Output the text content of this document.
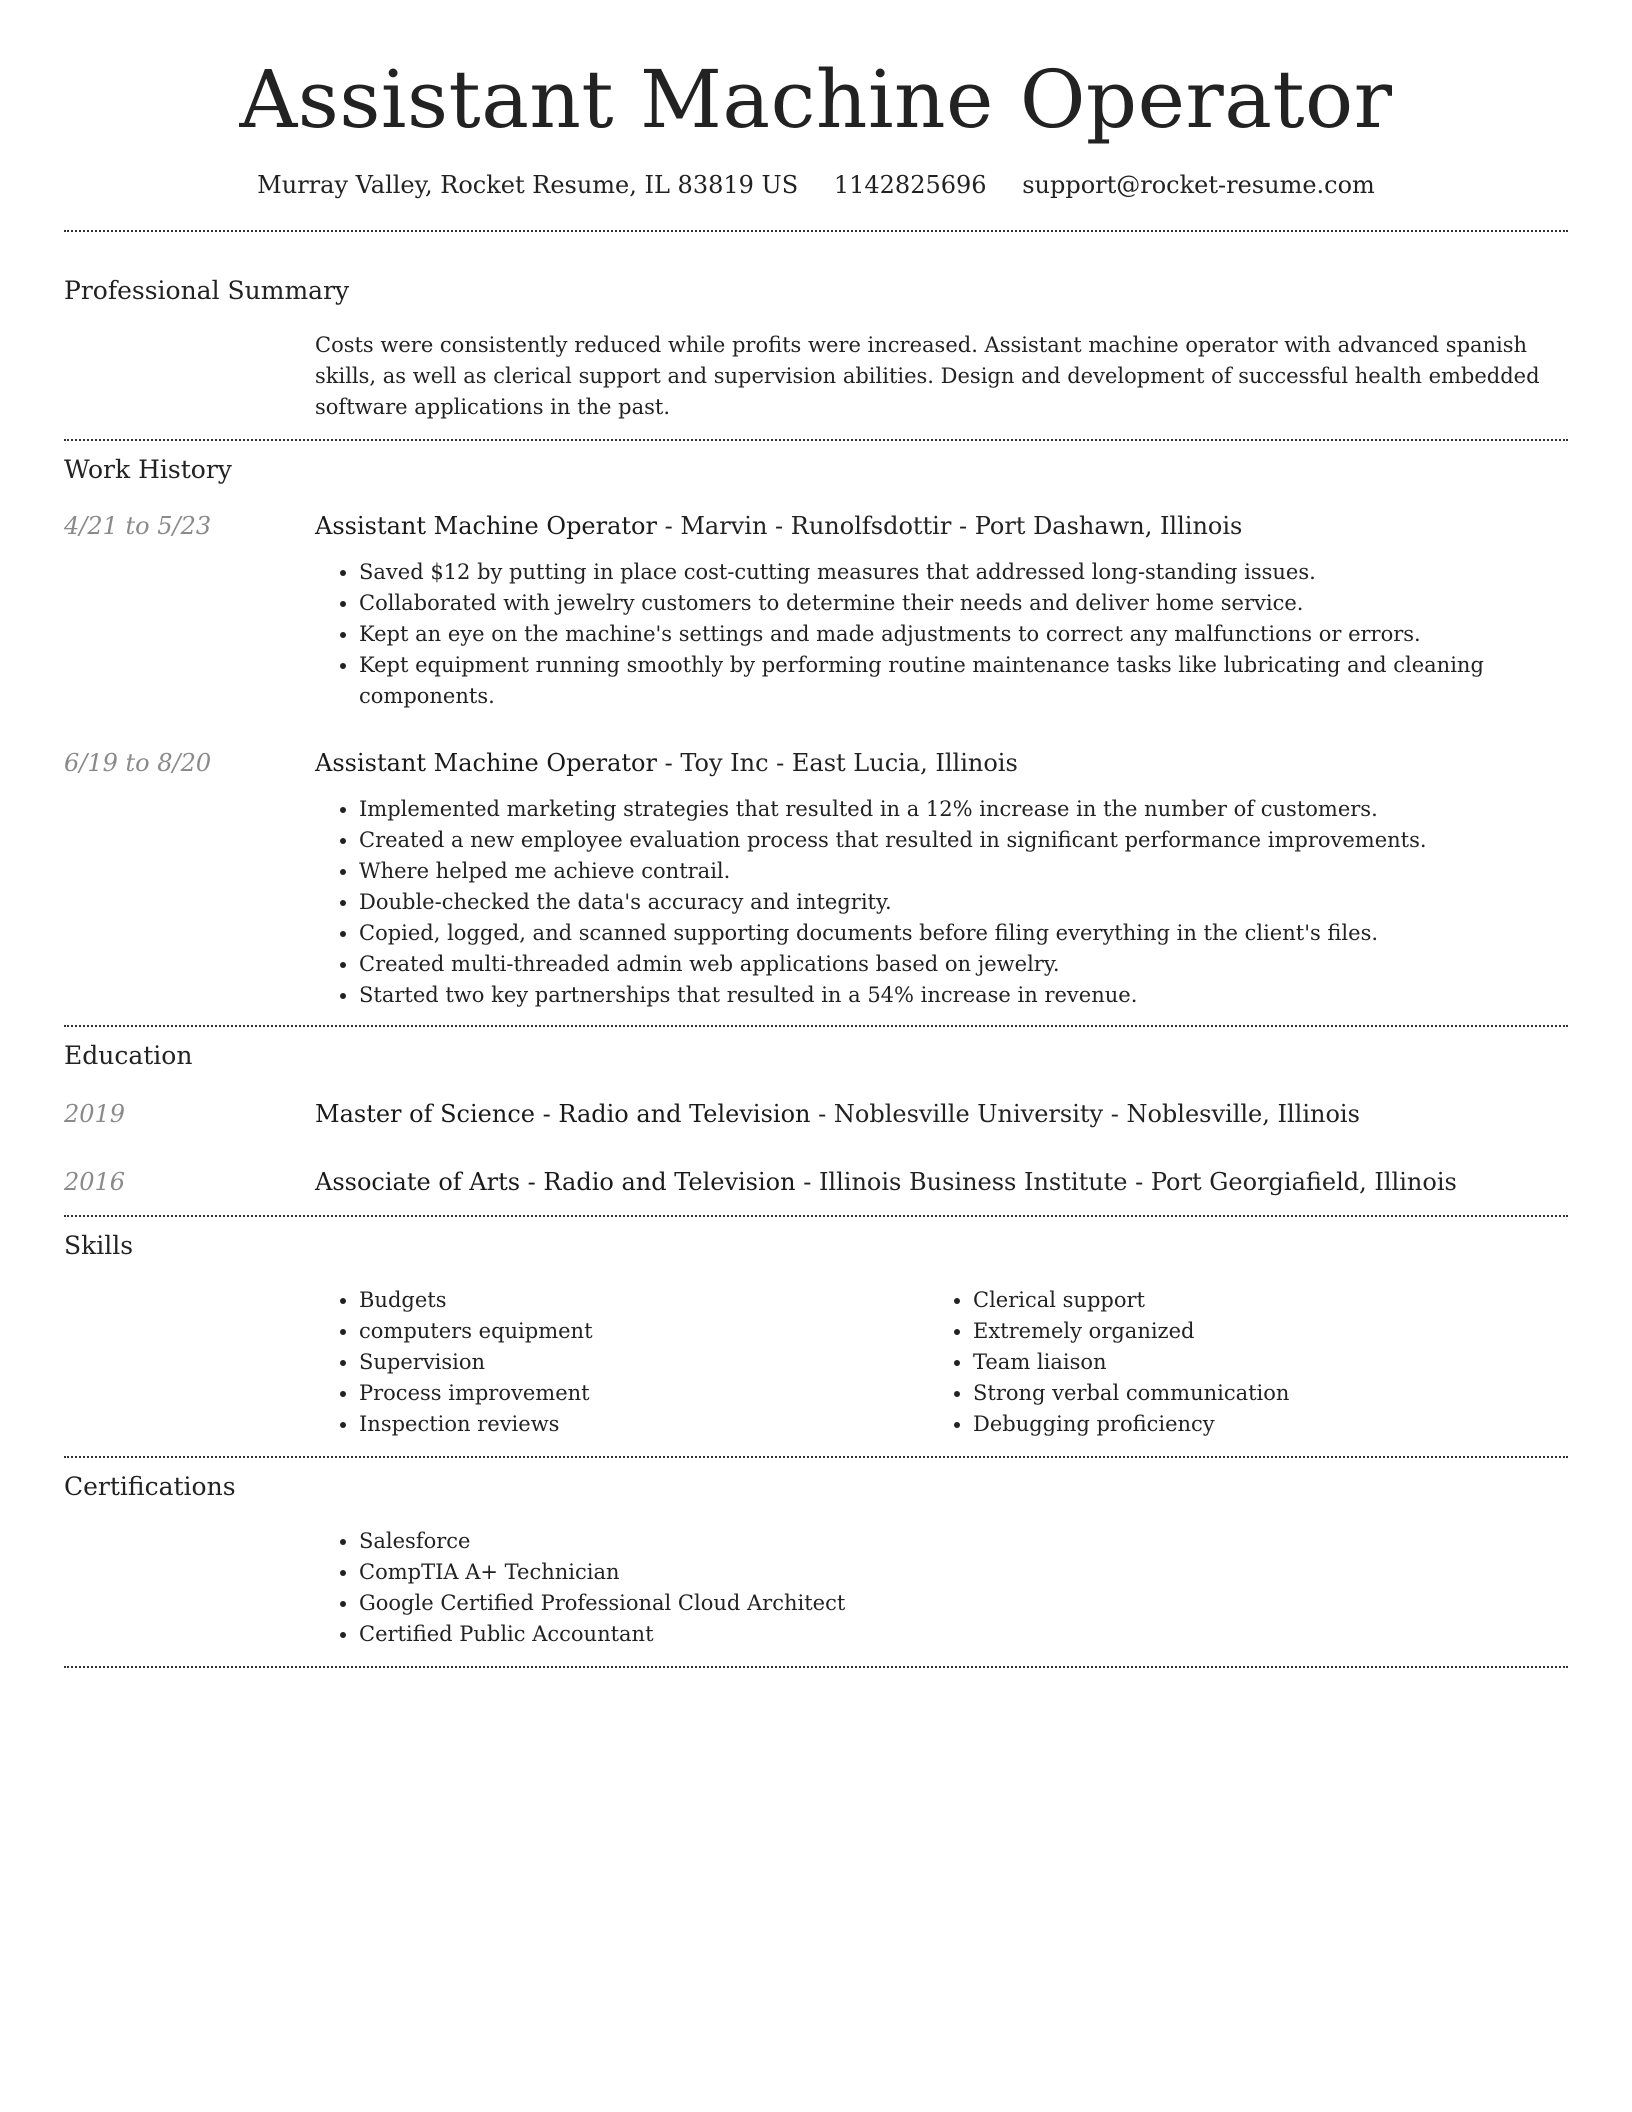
Assistant Machine Operator
Murray Valley, Rocket Resume, IL 83819 US 1142825696 support@rocket-resume.com
Professional Summary
Costs were consistently reduced while profits were increased. Assistant machine operator with advanced spanish skills, as well as clerical support and supervision abilities. Design and development of successful health embedded software applications in the past.
Work History
4/21 to 5/23	Assistant Machine Operator - Marvin - Runolfsdottir - Port Dashawn, Illinois
• Saved $12 by putting in place cost-cutting measures that addressed long-standing issues.
• Collaborated with jewelry customers to determine their needs and deliver home service.
• Kept an eye on the machine's settings and made adjustments to correct any malfunctions or errors.
• Kept equipment running smoothly by performing routine maintenance tasks like lubricating and cleaning components.
6/19 to 8/20	Assistant Machine Operator - Toy Inc - East Lucia, Illinois
• Implemented marketing strategies that resulted in a 12% increase in the number of customers.
• Created a new employee evaluation process that resulted in significant performance improvements.
• Where helped me achieve contrail.
• Double-checked the data's accuracy and integrity.
• Copied, logged, and scanned supporting documents before filing everything in the client's files.
• Created multi-threaded admin web applications based on jewelry.
• Started two key partnerships that resulted in a 54% increase in revenue.
Education
2019	Master of Science - Radio and Television - Noblesville University - Noblesville, Illinois
2016	Associate of Arts - Radio and Television - Illinois Business Institute - Port Georgiafield, Illinois
Skills
• Budgets
• computers equipment
• Supervision
• Process improvement
• Inspection reviews
• Clerical support
• Extremely organized
• Team liaison
• Strong verbal communication
• Debugging proficiency
Certifications
• Salesforce
• CompTIA A+ Technician
• Google Certified Professional Cloud Architect
• Certified Public Accountant
